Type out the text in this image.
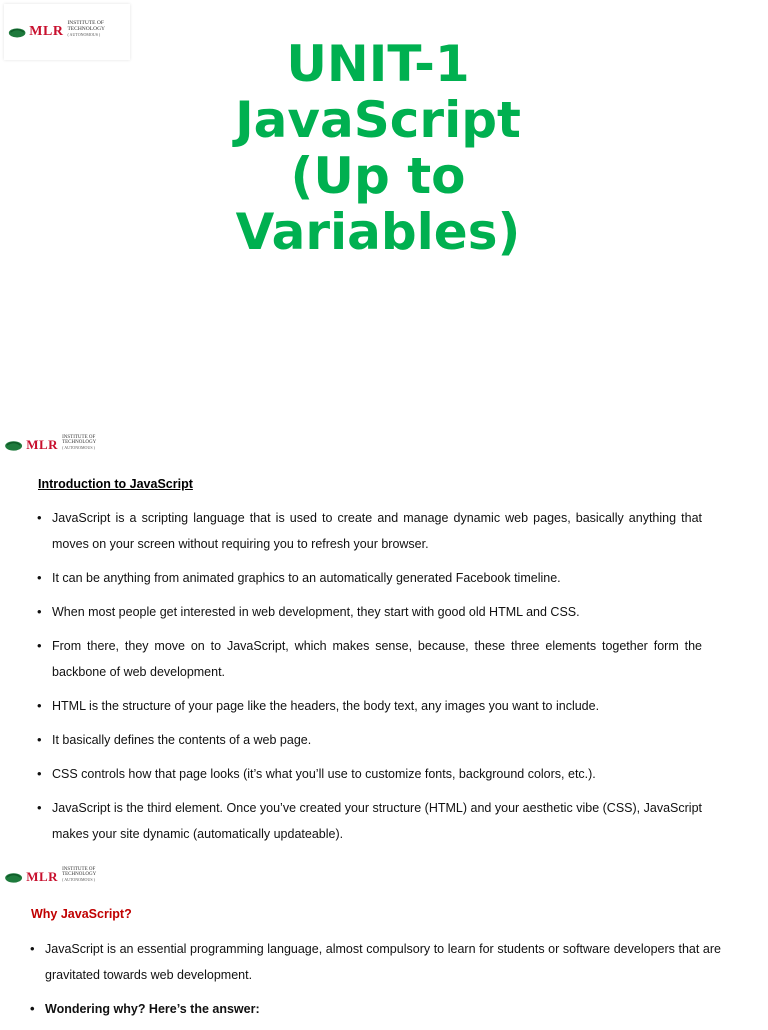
MLR
INSTITUTE OF TECHNOLOGY
( AUTONOMOUS )
UNIT-1
JavaScript
(Up to
Variables)
MLR INSTITUTE OF TECHNOLOGY
( AUTONOMOUS )
Introduction to JavaScript
• JavaScript is a scripting language that is used to create and manage dynamic web pages, basically anything that moves on your screen without requiring you to refresh your browser.
• It can be anything from animated graphics to an automatically generated Facebook timeline.
• When most people get interested in web development, they start with good old HTML and CSS.
• From there, they move on to JavaScript, which makes sense, because, these three elements together form the backbone of web development.
• HTML is the structure of your page like the headers, the body text, any images you want to include.
• It basically defines the contents of a web page.
• CSS controls how that page looks (it’s what you’ll use to customize fonts, background colors, etc.).
• JavaScript is the third element. Once you’ve created your structure (HTML) and your aesthetic vibe (CSS), JavaScript makes your site dynamic (automatically updateable).
MLR INSTITUTE OF TECHNOLOGY
( AUTONOMOUS )
Why JavaScript?
• JavaScript is an essential programming language, almost compulsory to learn for students or software developers that are gravitated towards web development.
• Wondering why? Here’s the answer:
